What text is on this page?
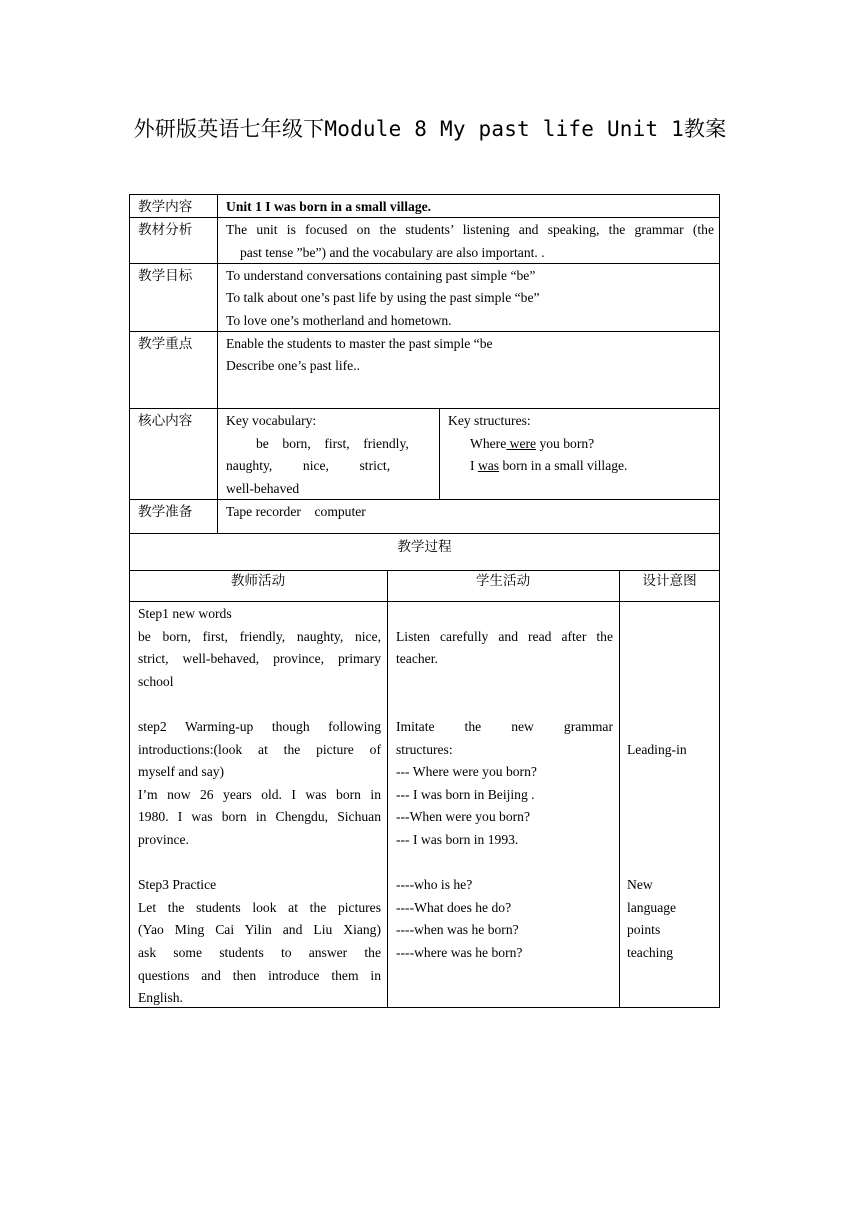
外研版英语七年级下Module 8 My past life Unit 1教案
教学内容 Unit 1 I was born in a small village.
教材分析 The unit is focused on the students’ listening and speaking, the grammar (the
past tense ”be”) and the vocabulary are also important. .
教学目标 To understand conversations containing past simple “be”
To talk about one’s past life by using the past simple “be”
To love one’s motherland and hometown.
教学重点 Enable the students to master the past simple “be
Describe one’s past life..
核心内容 Key vocabulary:
be    born,    first,    friendly,
naughty,         nice,         strict,
well-behaved
Key structures:
Where were you born?
I was born in a small village.
教学准备 Tape recorder    computer
教学过程
教师活动	学生活动	设计意图
Step1 new words
be born, first, friendly, naughty, nice,
strict, well-behaved, province, primary
school
step2 Warming-up though following
introductions:(look at the picture of
myself and say)
I’m now 26 years old. I was born in
1980. I was born in Chengdu, Sichuan
province.
Step3 Practice
Let the students look at the pictures
(Yao Ming Cai Yilin and Liu Xiang)
ask some students to answer the
questions and then introduce them in
English.
Listen carefully and read after the
teacher.
Imitate the new grammar
structures:
--- Where were you born?
--- I was born in Beijing .
---When were you born?
--- I was born in 1993.
----who is he?
----What does he do?
----when was he born?
----where was he born?
Leading-in
New
language
points
teaching
